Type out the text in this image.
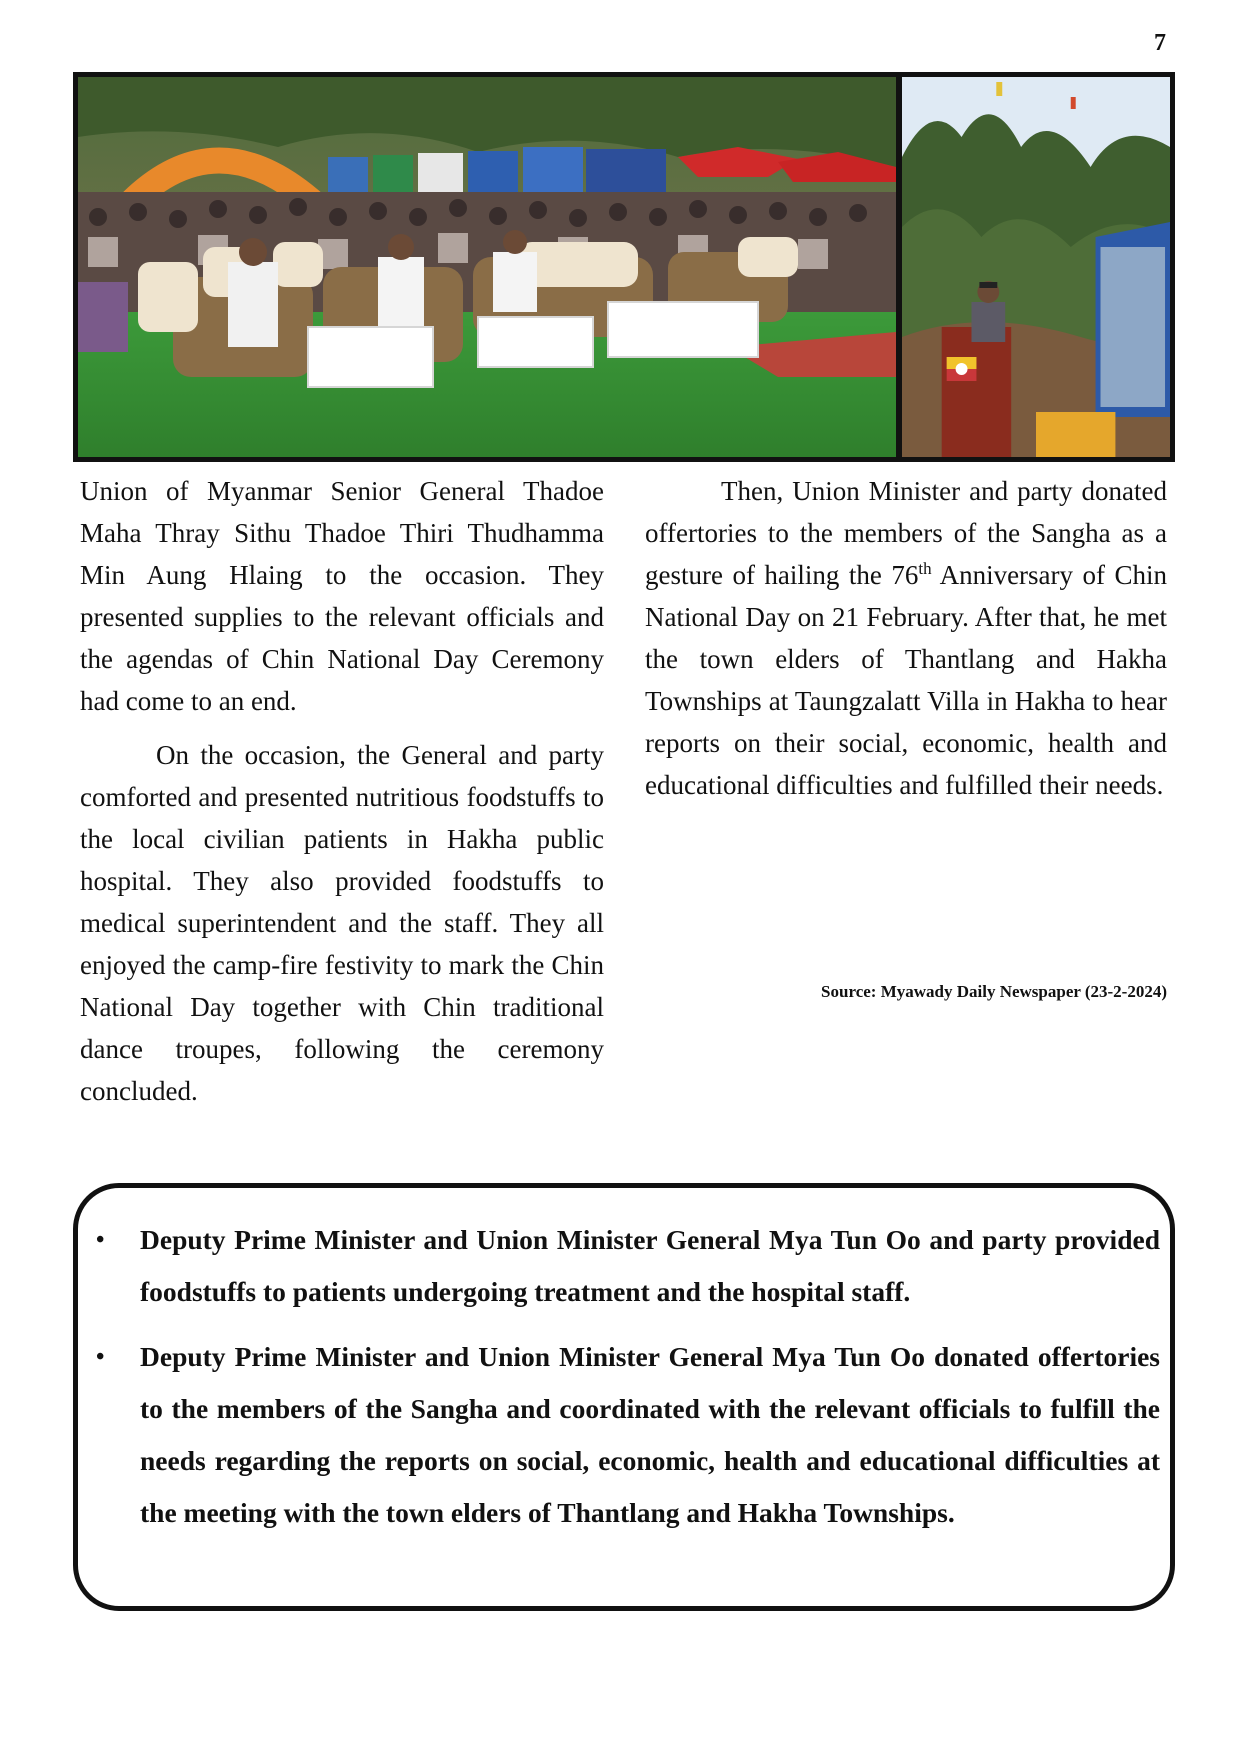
7

Union of Myanmar Senior General Thadoe Maha Thray Sithu Thadoe Thiri Thudhamma Min Aung Hlaing to the occasion. They presented supplies to the relevant officials and the agendas of Chin National Day Ceremony had come to an end.

On the occasion, the General and party comforted and presented nutritious foodstuffs to the local civilian patients in Hakha public hospital. They also provided foodstuffs to medical superintendent and the staff. They all enjoyed the camp-fire festivity to mark the Chin National Day together with Chin traditional dance troupes, following the ceremony concluded.

Then, Union Minister and party donated offertories to the members of the Sangha as a gesture of hailing the 76th Anniversary of Chin National Day on 21 February. After that, he met the town elders of Thantlang and Hakha Townships at Taungzalatt Villa in Hakha to hear reports on their social, economic, health and educational difficulties and fulfilled their needs.

Source: Myawady Daily Newspaper (23-2-2024)
• Deputy Prime Minister and Union Minister General Mya Tun Oo and party provided foodstuffs to patients undergoing treatment and the hospital staff.
• Deputy Prime Minister and Union Minister General Mya Tun Oo donated offertories to the members of the Sangha and coordinated with the relevant officials to fulfill the needs regarding the reports on social, economic, health and educational difficulties at the meeting with the town elders of Thantlang and Hakha Townships.
